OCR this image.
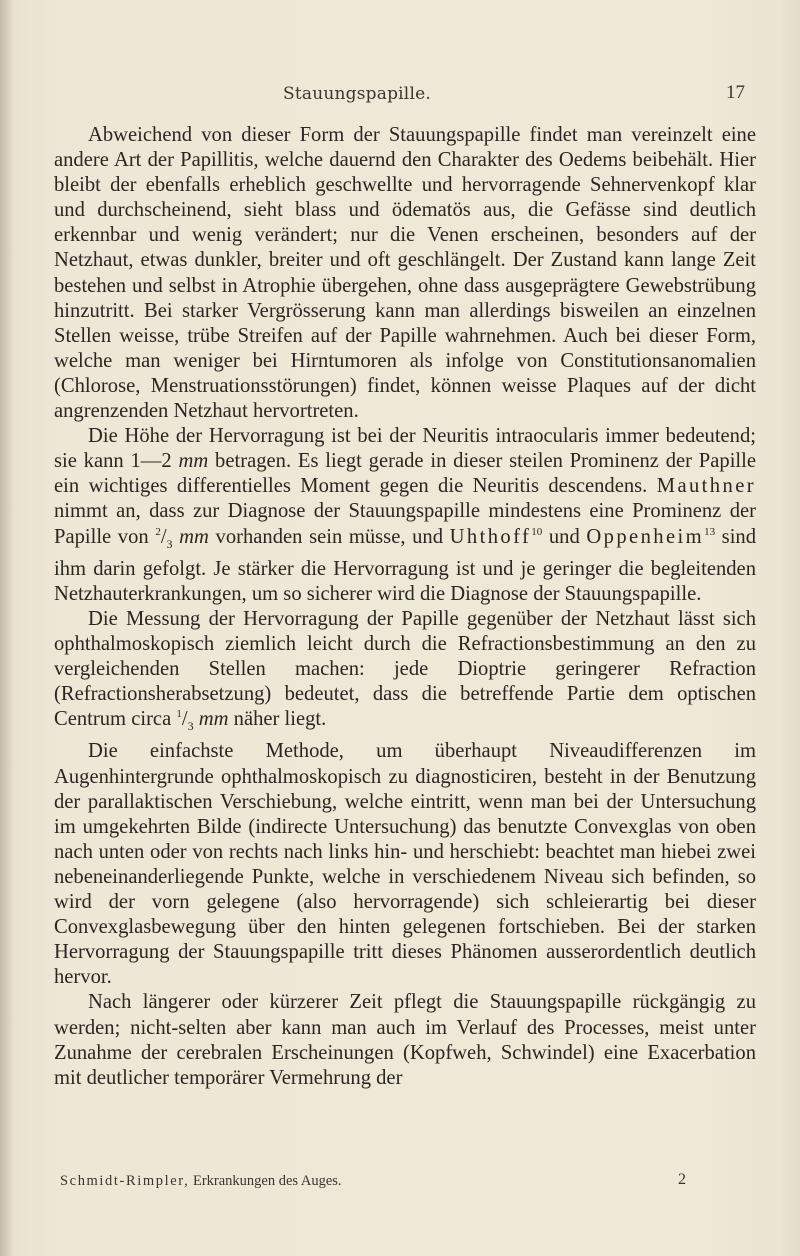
Stauungspapille.	17

Abweichend von dieser Form der Stauungspapille findet man vereinzelt eine andere Art der Papillitis, welche dauernd den Charakter des Oedems beibehält. Hier bleibt der ebenfalls erheblich geschwellte und hervorragende Sehnervenkopf klar und durchscheinend, sieht blass und ödematös aus, die Gefässe sind deutlich erkennbar und wenig verändert; nur die Venen erscheinen, besonders auf der Netzhaut, etwas dunkler, breiter und oft geschlängelt. Der Zustand kann lange Zeit bestehen und selbst in Atrophie übergehen, ohne dass ausgeprägtere Gewebstrübung hinzutritt. Bei starker Vergrösserung kann man allerdings bisweilen an einzelnen Stellen weisse, trübe Streifen auf der Papille wahrnehmen. Auch bei dieser Form, welche man weniger bei Hirntumoren als infolge von Constitutionsanomalien (Chlorose, Menstruationsstörungen) findet, können weisse Plaques auf der dicht angrenzenden Netzhaut hervortreten.

Die Höhe der Hervorragung ist bei der Neuritis intraocularis immer bedeutend; sie kann 1—2 mm betragen. Es liegt gerade in dieser steilen Prominenz der Papille ein wichtiges differentielles Moment gegen die Neuritis descendens. Mauthner nimmt an, dass zur Diagnose der Stauungspapille mindestens eine Prominenz der Papille von $^2/_3$ mm vorhanden sein müsse, und Uhthoff$^{10}$ und Oppenheim$^{13}$ sind ihm darin gefolgt. Je stärker die Hervorragung ist und je geringer die begleitenden Netzhauterkrankungen, um so sicherer wird die Diagnose der Stauungspapille.

Die Messung der Hervorragung der Papille gegenüber der Netzhaut lässt sich ophthalmoskopisch ziemlich leicht durch die Refractionsbestimmung an den zu vergleichenden Stellen machen: jede Dioptrie geringerer Refraction (Refractionsherabsetzung) bedeutet, dass die betreffende Partie dem optischen Centrum circa $^1/_3$ mm näher liegt.

Die einfachste Methode, um überhaupt Niveaudifferenzen im Augenhintergrunde ophthalmoskopisch zu diagnosticiren, besteht in der Benutzung der parallaktischen Verschiebung, welche eintritt, wenn man bei der Untersuchung im umgekehrten Bilde (indirecte Untersuchung) das benutzte Convexglas von oben nach unten oder von rechts nach links hin- und herschiebt: beachtet man hiebei zwei nebeneinanderliegende Punkte, welche in verschiedenem Niveau sich befinden, so wird der vorn gelegene (also hervorragende) sich schleierartig bei dieser Convexglasbewegung über den hinten gelegenen fortschieben. Bei der starken Hervorragung der Stauungspapille tritt dieses Phänomen ausserordentlich deutlich hervor.

Nach längerer oder kürzerer Zeit pflegt die Stauungspapille rückgängig zu werden; nicht-selten aber kann man auch im Verlauf des Processes, meist unter Zunahme der cerebralen Erscheinungen (Kopfweh, Schwindel) eine Exacerbation mit deutlicher temporärer Vermehrung der

Schmidt-Rimpler, Erkrankungen des Auges.	2
